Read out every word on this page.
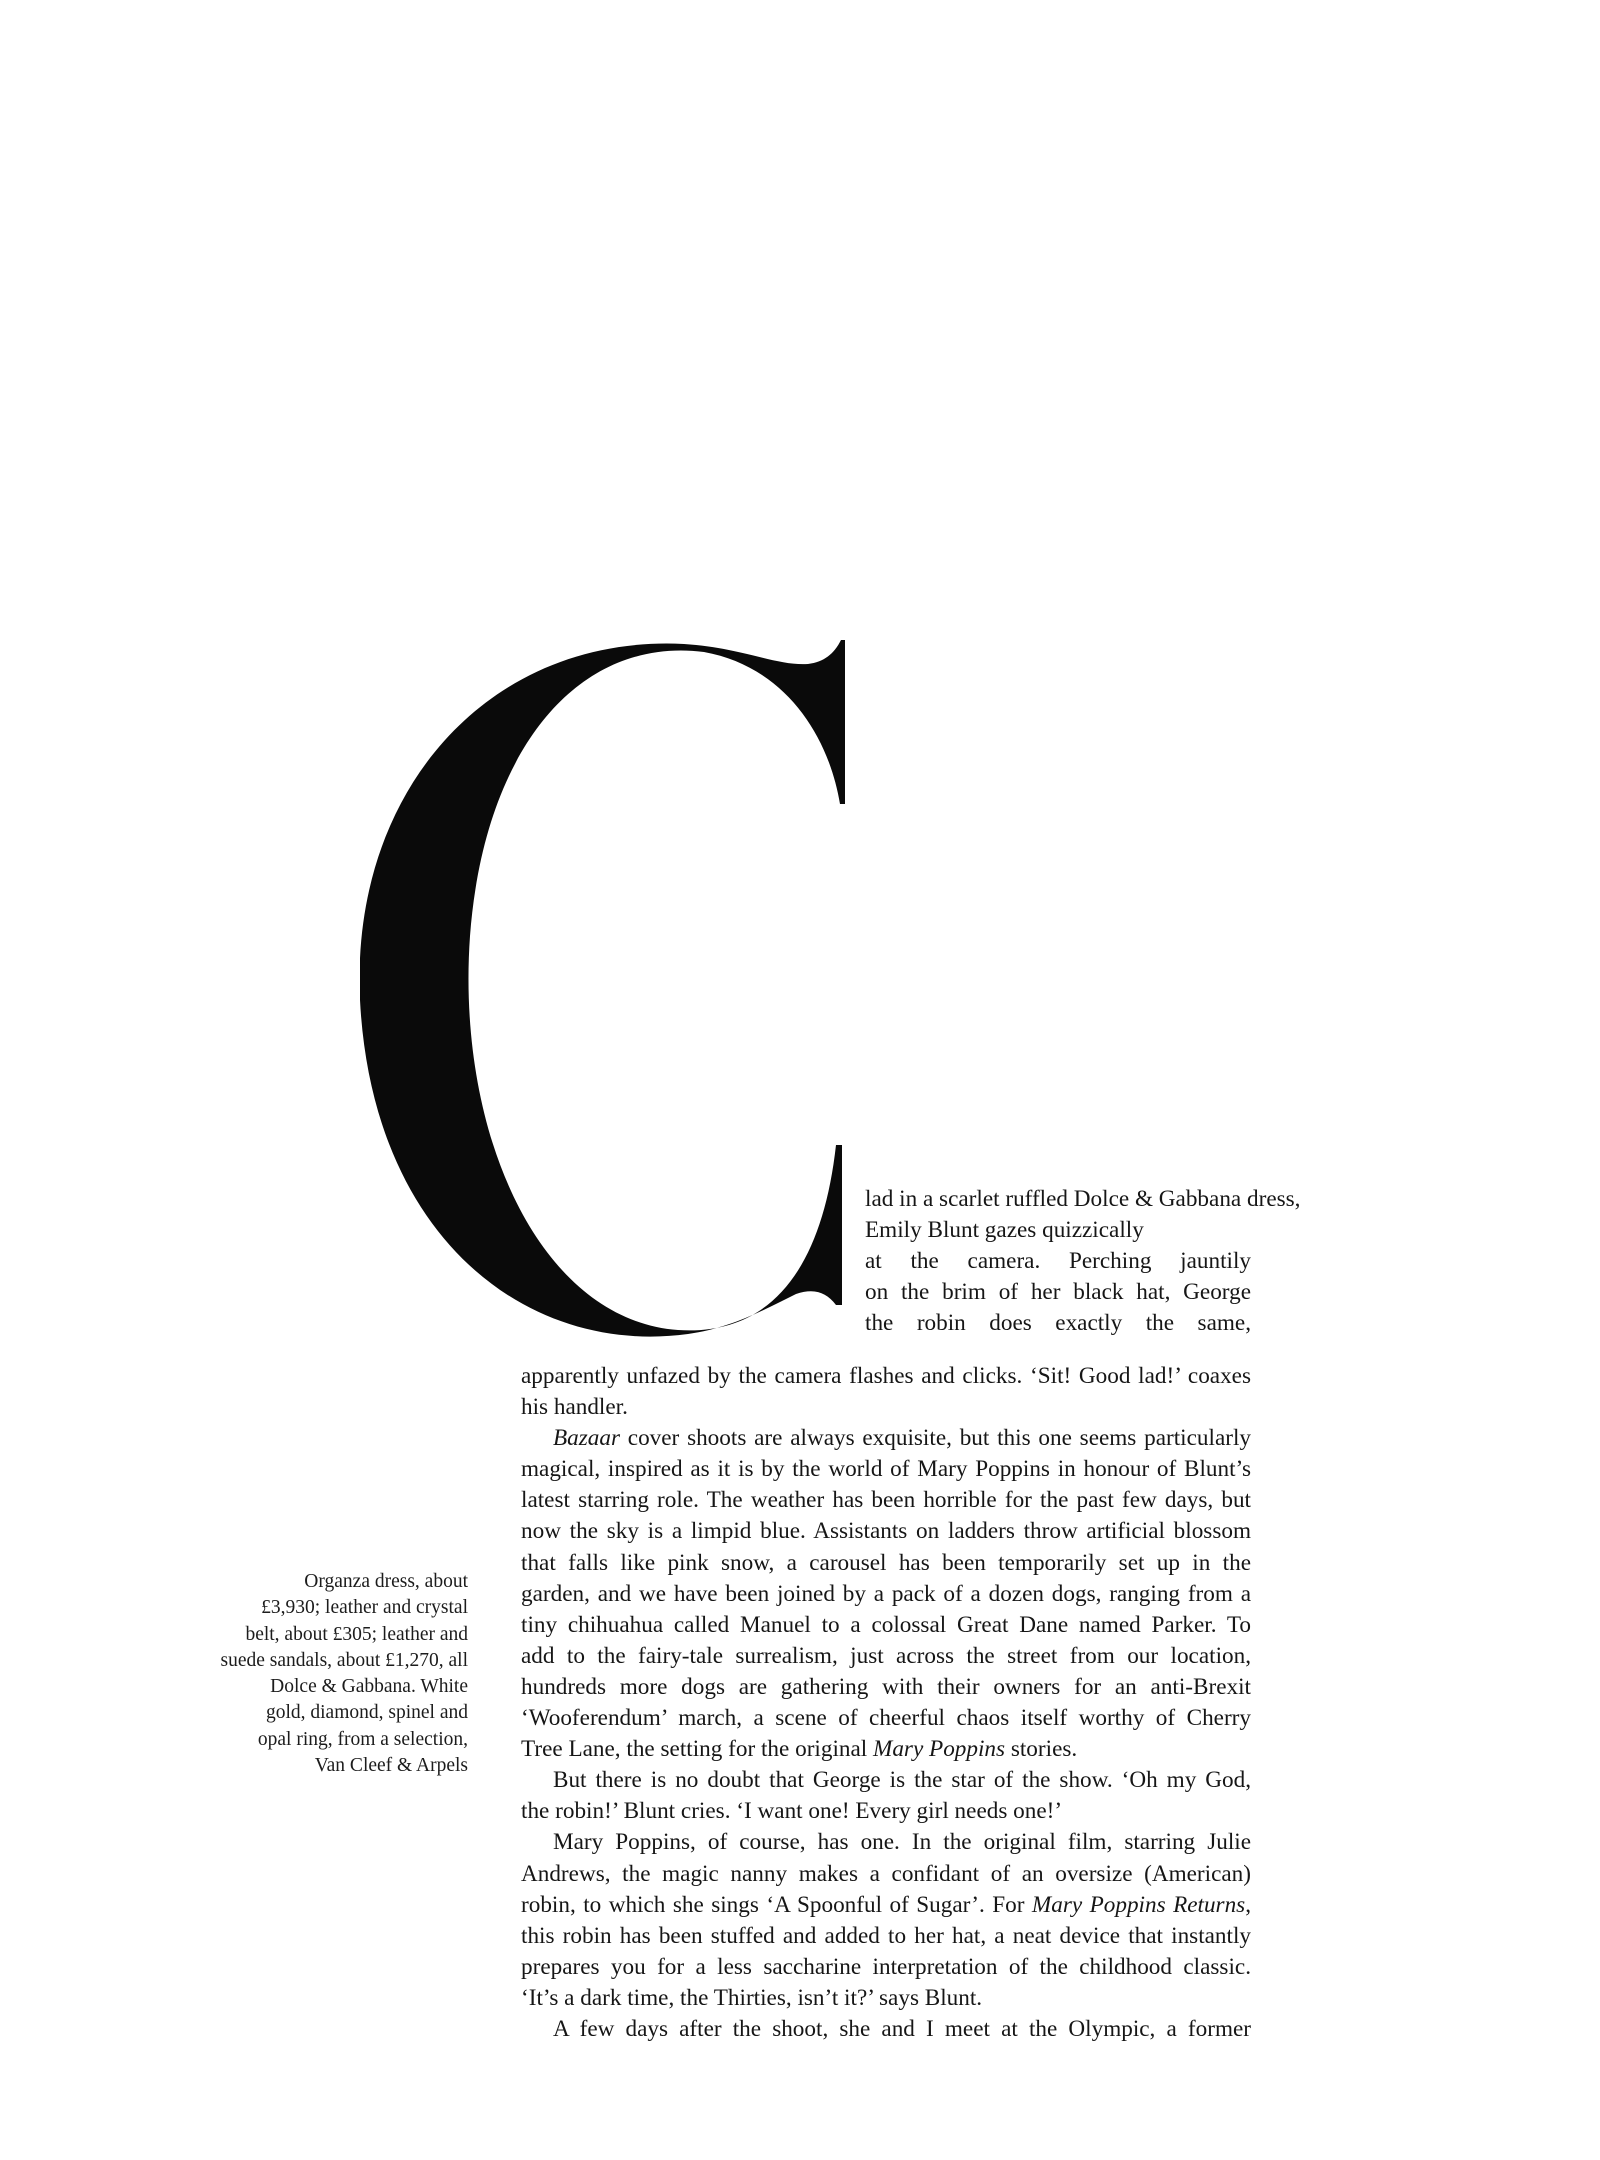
lad in a scarlet ruffled Dolce & Gabbana dress,
Emily Blunt gazes quizzically
at the camera. Perching jauntily
on the brim of her black hat, George
the robin does exactly the same,
apparently unfazed by the camera flashes and clicks. ‘Sit! Good lad!’ coaxes
his handler.
Bazaar cover shoots are always exquisite, but this one seems particularly
magical, inspired as it is by the world of Mary Poppins in honour of Blunt’s
latest starring role. The weather has been horrible for the past few days, but
now the sky is a limpid blue. Assistants on ladders throw artificial blossom
that falls like pink snow, a carousel has been temporarily set up in the
garden, and we have been joined by a pack of a dozen dogs, ranging from a
tiny chihuahua called Manuel to a colossal Great Dane named Parker. To
add to the fairy-tale surrealism, just across the street from our location,
hundreds more dogs are gathering with their owners for an anti-Brexit
‘Wooferendum’ march, a scene of cheerful chaos itself worthy of Cherry
Tree Lane, the setting for the original Mary Poppins stories.
But there is no doubt that George is the star of the show. ‘Oh my God,
the robin!’ Blunt cries. ‘I want one! Every girl needs one!’
Mary Poppins, of course, has one. In the original film, starring Julie
Andrews, the magic nanny makes a confidant of an oversize (American)
robin, to which she sings ‘A Spoonful of Sugar’. For Mary Poppins Returns,
this robin has been stuffed and added to her hat, a neat device that instantly
prepares you for a less saccharine interpretation of the childhood classic.
‘It’s a dark time, the Thirties, isn’t it?’ says Blunt.
A few days after the shoot, she and I meet at the Olympic, a former
Organza dress, about
£3,930; leather and crystal
belt, about £305; leather and
suede sandals, about £1,270, all
Dolce & Gabbana. White
gold, diamond, spinel and
opal ring, from a selection,
Van Cleef & Arpels
